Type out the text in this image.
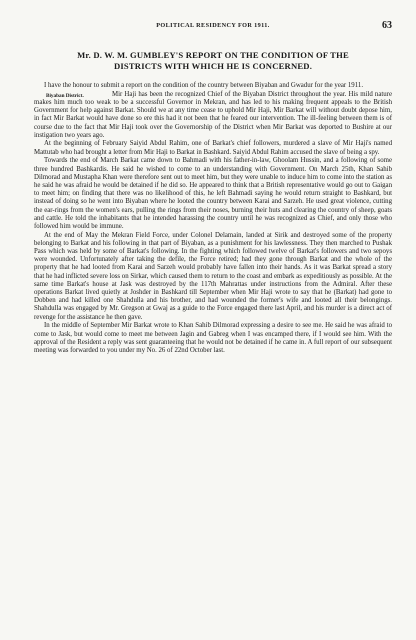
POLITICAL RESIDENCY FOR 1911.	63
Mr. D. W. M. GUMBLEY'S REPORT ON THE CONDITION OF THE
DISTRICTS WITH WHICH HE IS CONCERNED.

I have the honour to submit a report on the condition of the country between Biyaban and Gwadur for the year 1911.

Biyaban District.	Mir Haji has been the recognized Chief of the Biyaban District throughout the year. His mild nature makes him much too weak to be a successful Governor in Mekran, and has led to his making frequent appeals to the British Government for help against Barkat. Should we at any time cease to uphold Mir Haji, Mir Barkat will without doubt depose him, in fact Mir Barkat would have done so ere this had it not been that he feared our intervention. The ill-feeling between them is of course due to the fact that Mir Haji took over the Governorship of the District when Mir Barkat was deported to Bushire at our instigation two years ago.

At the beginning of February Saiyid Abdul Rahim, one of Barkat's chief followers, murdered a slave of Mir Haji's named Mattutab who had brought a letter from Mir Haji to Barkat in Bashkard. Saiyid Abdul Rahim accused the slave of being a spy.

Towards the end of March Barkat came down to Bahmadi with his father-in-law, Ghoolam Hussin, and a following of some three hundred Bashkardis. He said he wished to come to an understanding with Government. On March 25th, Khan Sahib Dilmorad and Mustapha Khan were therefore sent out to meet him, but they were unable to induce him to come into the station as he said he was afraid he would be detained if he did so. He appeared to think that a British representative would go out to Gaigan to meet him; on finding that there was no likelihood of this, he left Bahmadi saying he would return straight to Bashkard, but instead of doing so he went into Biyaban where he looted the country between Karai and Sarzeh. He used great violence, cutting the ear-rings from the women's ears, pulling the rings from their noses, burning their huts and clearing the country of sheep, goats and cattle. He told the inhabitants that he intended harassing the country until he was recognized as Chief, and only those who followed him would be immune.

At the end of May the Mekran Field Force, under Colonel Delamain, landed at Sirik and destroyed some of the property belonging to Barkat and his following in that part of Biyaban, as a punishment for his lawlessness. They then marched to Pushak Pass which was held by some of Barkat's following. In the fighting which followed twelve of Barkat's followers and two sepoys were wounded. Unfortunately after taking the defile, the Force retired; had they gone through Barkat and the whole of the property that he had looted from Karai and Sarzeh would probably have fallen into their hands. As it was Barkat spread a story that he had inflicted severe loss on Sirkar, which caused them to return to the coast and embark as expeditiously as possible. At the same time Barkat's house at Jask was destroyed by the 117th Mahrattas under instructions from the Admiral. After these operations Barkat lived quietly at Joshder in Bashkard till September when Mir Haji wrote to say that he (Barkat) had gone to Dobben and had killed one Shahdulla and his brother, and had wounded the former's wife and looted all their belongings. Shahdulla was engaged by Mr. Gregson at Gwaj as a guide to the Force engaged there last April, and his murder is a direct act of revenge for the assistance he then gave.

In the middle of September Mir Barkat wrote to Khan Sahib Dilmorad expressing a desire to see me. He said he was afraid to come to Jask, but would come to meet me between Jagin and Gabreg when I was encamped there, if I would see him. With the approval of the Resident a reply was sent guaranteeing that he would not be detained if he came in. A full report of our subsequent meeting was forwarded to you under my No. 26 of 22nd October last.
